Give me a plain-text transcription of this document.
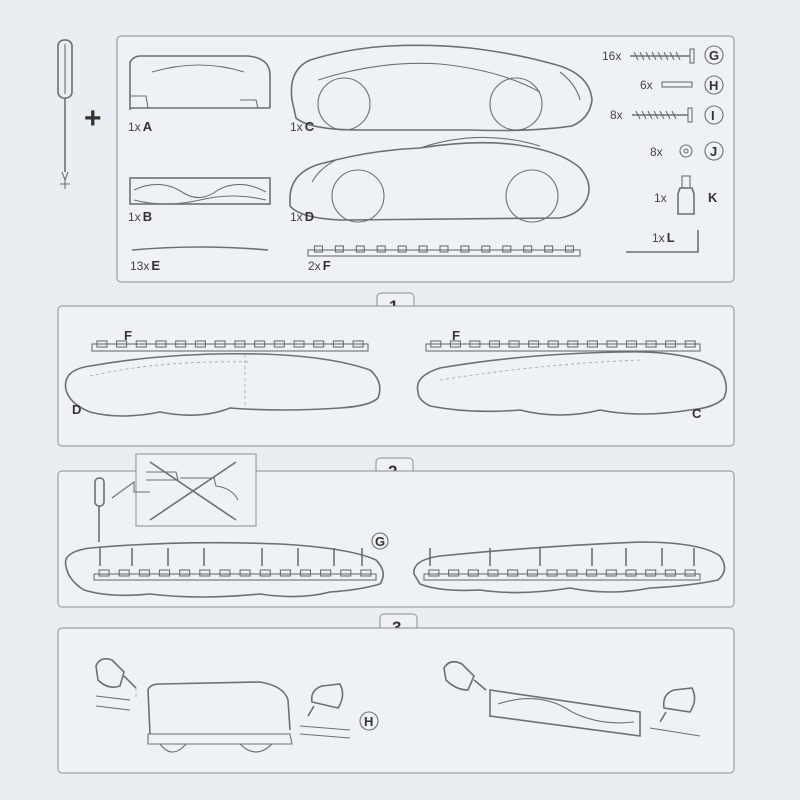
+ 1x A
1x B
1x C
1x D
13x E	2x F
16x	G
6x	H
8x	I
8x	J
1x	K
1x L
F
D
F
C
G
H
